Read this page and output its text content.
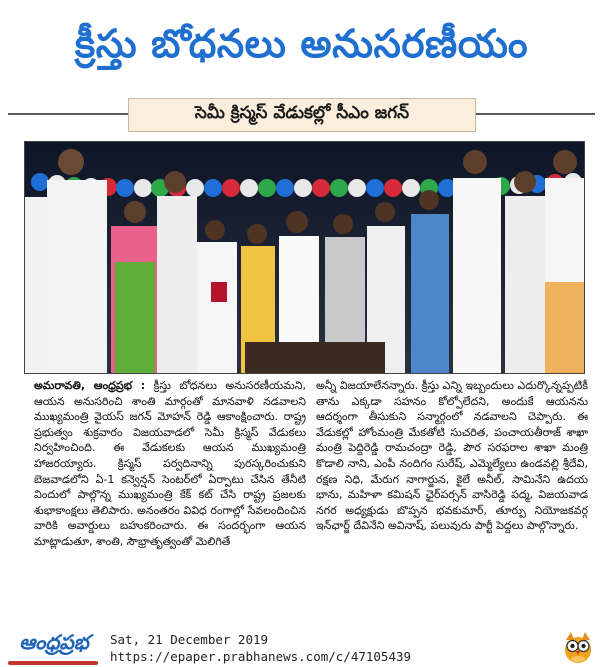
క్రీస్తు బోధనలు అనుసరణీయం
సెమీ క్రిస్మస్ వేడుకల్లో సీఎం జగన్

అమరావతి, ఆంధ్రప్రభ : క్రీస్తు బోధనలు అనుసరణీయమని, ఆయన అనుసరించి శాంతి మార్గంతో మానవాళి నడవాలని ముఖ్యమంత్రి వైయస్ జగన్ మోహన్ రెడ్డి ఆకాంక్షించారు. రాష్ట్ర ప్రభుత్వం శుక్రవారం విజయవాడలో సెమీ క్రిస్మస్ వేడుకలు నిర్వహించింది. ఈ వేడుకలకు ఆయన ముఖ్యమంత్రి హాజరయ్యారు. క్రిస్మస్ పర్వదినాన్ని పురస్కరించుకుని బెజవాడలోని ఏ-1 కన్వెన్షన్ సెంటర్‌లో ఏర్పాటు చేసిన తేనీటి విందులో పాల్గొన్న ముఖ్యమంత్రి కేక్ కట్ చేసి రాష్ట్ర ప్రజలకు శుభాకాంక్షలు తెలిపారు. అనంతరం వివిధ రంగాల్లో సేవలందించిన వారికి అవార్డులు బహుకరించారు. ఈ సందర్భంగా ఆయన మాట్లాడుతూ, శాంతి, సౌభ్రాతృత్వంతో మెలిగితే

అన్నీ విజయాలేనన్నారు. క్రీస్తు ఎన్ని ఇబ్బందులు ఎదుర్కొన్నప్పటికీ తాను ఎక్కడా సహనం కోల్పోలేదని, అందుకే ఆయనను ఆదర్శంగా తీసుకుని సన్మార్గంలో నడవాలని చెప్పారు. ఈ వేడుకల్లో హోంమంత్రి మేకతోటి సుచరిత, పంచాయతీరాజ్ శాఖా మంత్రి పెద్దిరెడ్డి రామచంద్రా రెడ్డి, పౌర సరఫరాల శాఖా మంత్రి కొడాలి నాని, ఎంపీ నందిగం సురేష్, ఎమ్మెల్యేలు ఉండవల్లి శ్రీదేవి, రక్షణ నిధి, మేరుగ నాగార్జున, కైలే అనీల్, సామినేని ఉదయ భాను, మహిళా కమిషన్ ఛైర్‌పర్సన్ వాసిరెడ్డి పద్మ, విజయవాడ నగర అధ్యక్షుడు బొప్పన భవకుమార్, తూర్పు నియోజకవర్గ ఇన్‌ఛార్జ్ దేవినేని అవినాష్, పలువురు పార్టీ పెద్దలు పాల్గొన్నారు.

ఆంధ్రప్రభ Sat, 21 December 2019
https://epaper.prabhanews.com/c/47105439
